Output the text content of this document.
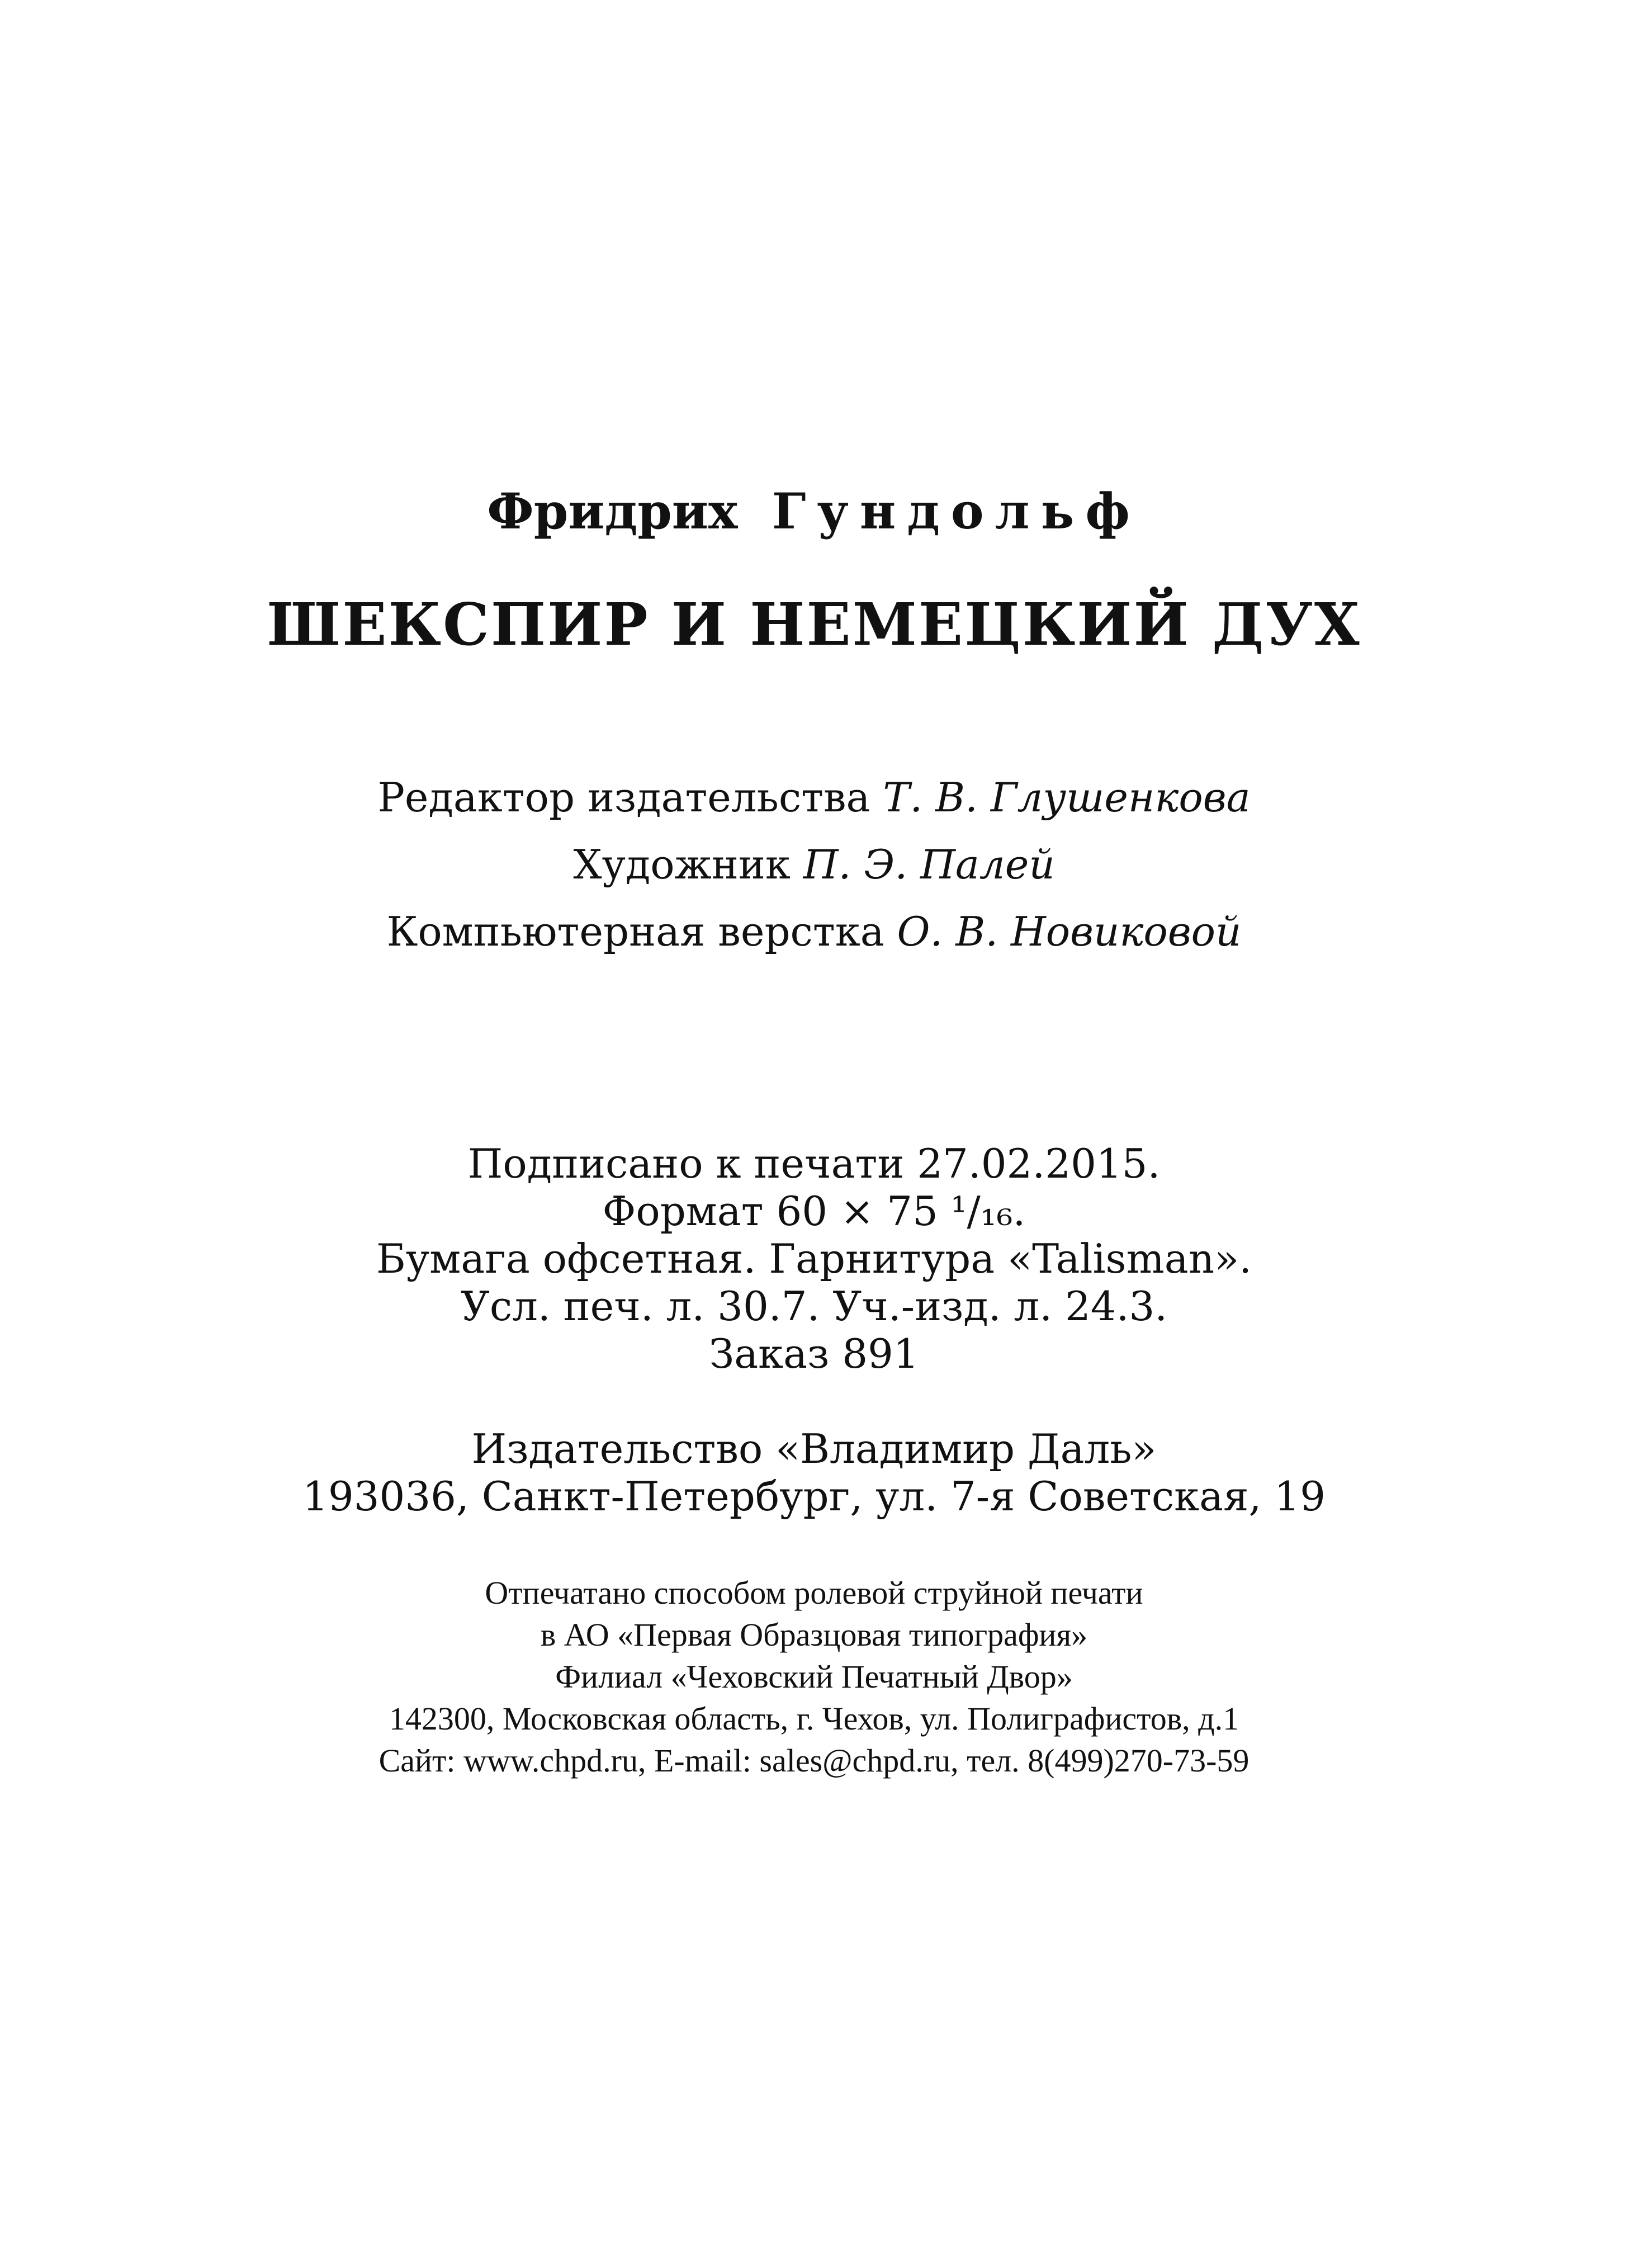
Фридрих Гундольф
ШЕКСПИР И НЕМЕЦКИЙ ДУХ
Редактор издательства Т. В. Глушенкова
Художник П. Э. Палей
Компьютерная верстка О. В. Новиковой
Подписано к печати 27.02.2015.
Формат 60 × 75 ¹/₁₆.
Бумага офсетная. Гарнитура «Talisman».
Усл. печ. л. 30.7. Уч.-изд. л. 24.3.
Заказ 891
Издательство «Владимир Даль»
193036, Санкт-Петербург, ул. 7-я Советская, 19
Отпечатано способом ролевой струйной печати
в АО «Первая Образцовая типография»
Филиал «Чеховский Печатный Двор»
142300, Московская область, г. Чехов, ул. Полиграфистов, д.1
Сайт: www.chpd.ru, E-mail: sales@chpd.ru, тел. 8(499)270-73-59
